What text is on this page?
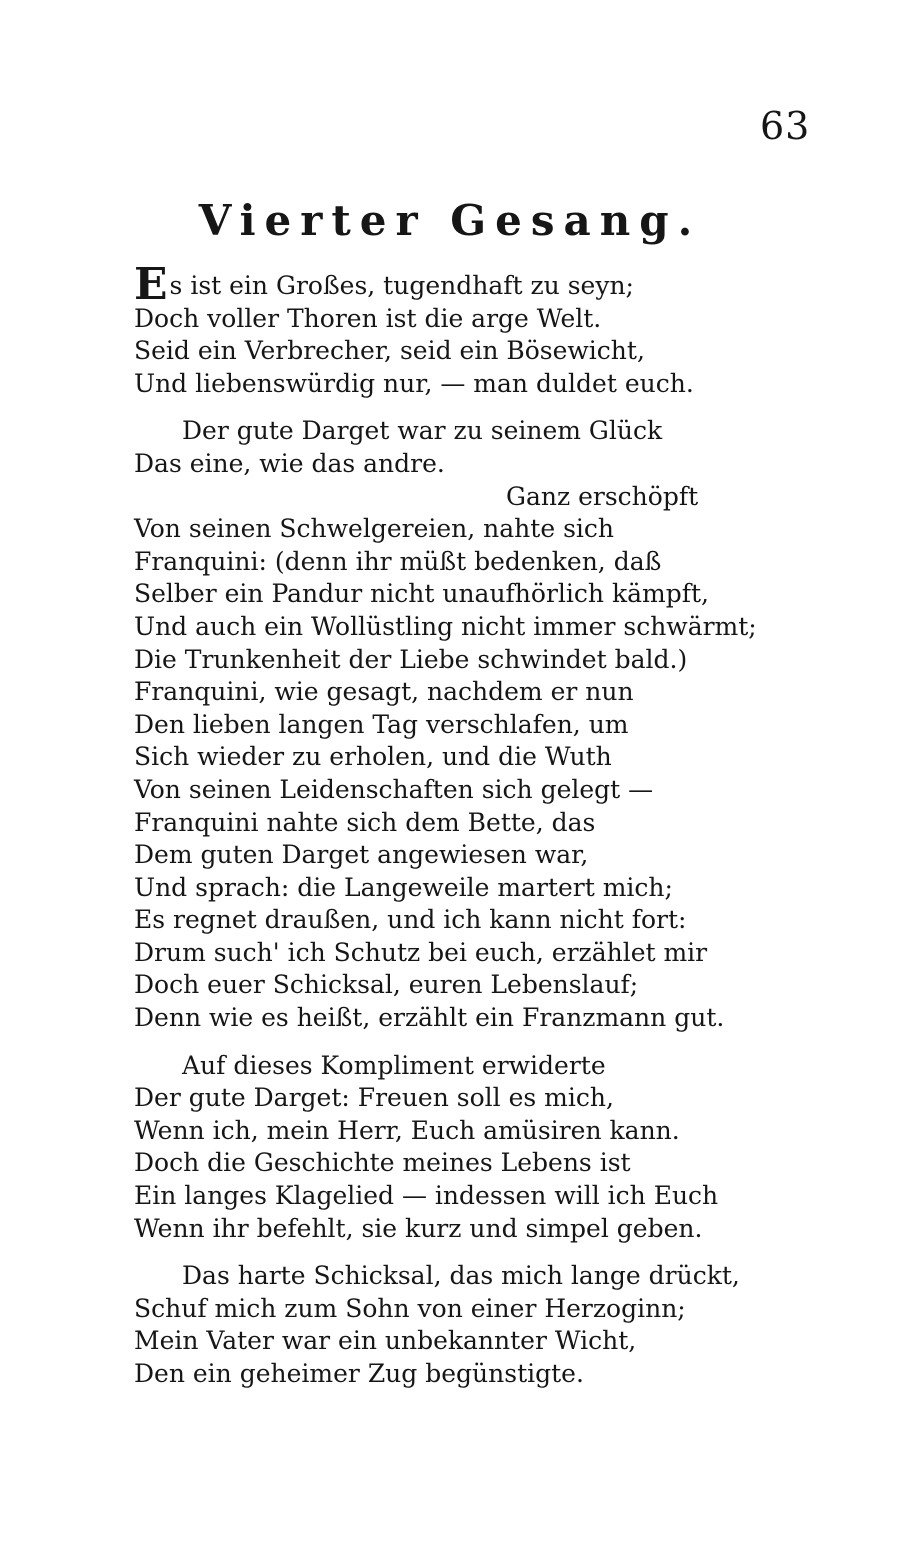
63
Vierter Gesang.
Es ist ein Großes, tugendhaft zu seyn;
Doch voller Thoren ist die arge Welt.
Seid ein Verbrecher, seid ein Bösewicht,
Und liebenswürdig nur, — man duldet euch.
Der gute Darget war zu seinem Glück
Das eine, wie das andre.
Ganz erschöpft
Von seinen Schwelgereien, nahte sich
Franquini: (denn ihr müßt bedenken, daß
Selber ein Pandur nicht unaufhörlich kämpft,
Und auch ein Wollüstling nicht immer schwärmt;
Die Trunkenheit der Liebe schwindet bald.)
Franquini, wie gesagt, nachdem er nun
Den lieben langen Tag verschlafen, um
Sich wieder zu erholen, und die Wuth
Von seinen Leidenschaften sich gelegt —
Franquini nahte sich dem Bette, das
Dem guten Darget angewiesen war,
Und sprach: die Langeweile martert mich;
Es regnet draußen, und ich kann nicht fort:
Drum such' ich Schutz bei euch, erzählet mir
Doch euer Schicksal, euren Lebenslauf;
Denn wie es heißt, erzählt ein Franzmann gut.
Auf dieses Kompliment erwiderte
Der gute Darget: Freuen soll es mich,
Wenn ich, mein Herr, Euch amüsiren kann.
Doch die Geschichte meines Lebens ist
Ein langes Klagelied — indessen will ich Euch
Wenn ihr befehlt, sie kurz und simpel geben.
Das harte Schicksal, das mich lange drückt,
Schuf mich zum Sohn von einer Herzoginn;
Mein Vater war ein unbekannter Wicht,
Den ein geheimer Zug begünstigte.
